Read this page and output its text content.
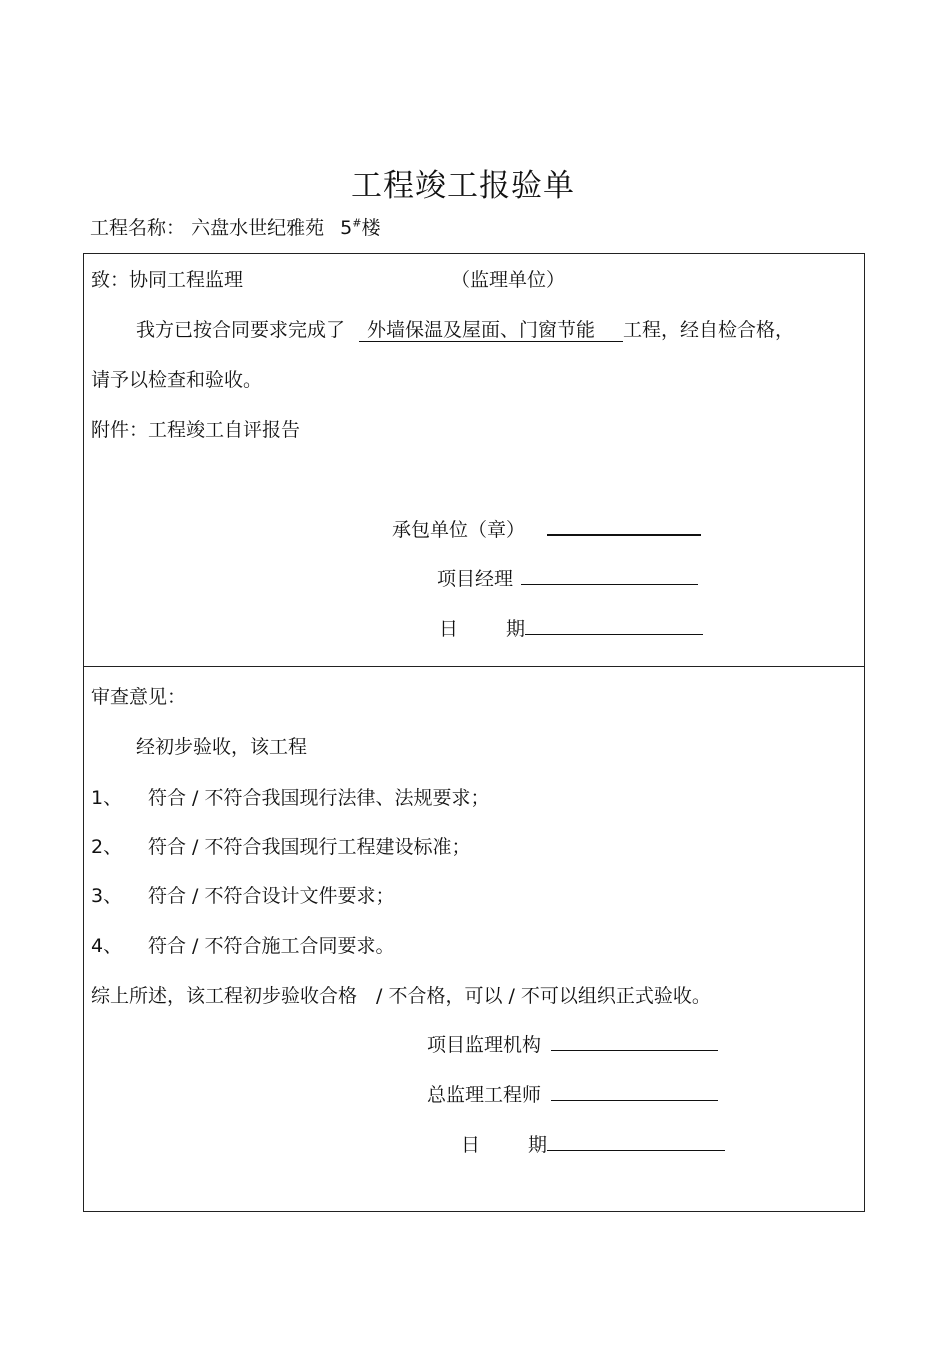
工程竣工报验单
工程名称： 六盘水世纪雅苑 5#楼
致：协同工程监理	（监理单位）
我方已按合同要求完成了 外墙保温及屋面、门窗节能 工程，经自检合格，
请予以检查和验收。
附件：工程竣工自评报告
承包单位（章）
项目经理
日	期
审查意见：
经初步验收，该工程
1、 符合 / 不符合我国现行法律、法规要求；
2、 符合 / 不符合我国现行工程建设标准；
3、 符合 / 不符合设计文件要求；
4、 符合 / 不符合施工合同要求。
综上所述，该工程初步验收合格　/ 不合格，可以 / 不可以组织正式验收。
项目监理机构
总监理工程师
日	期
